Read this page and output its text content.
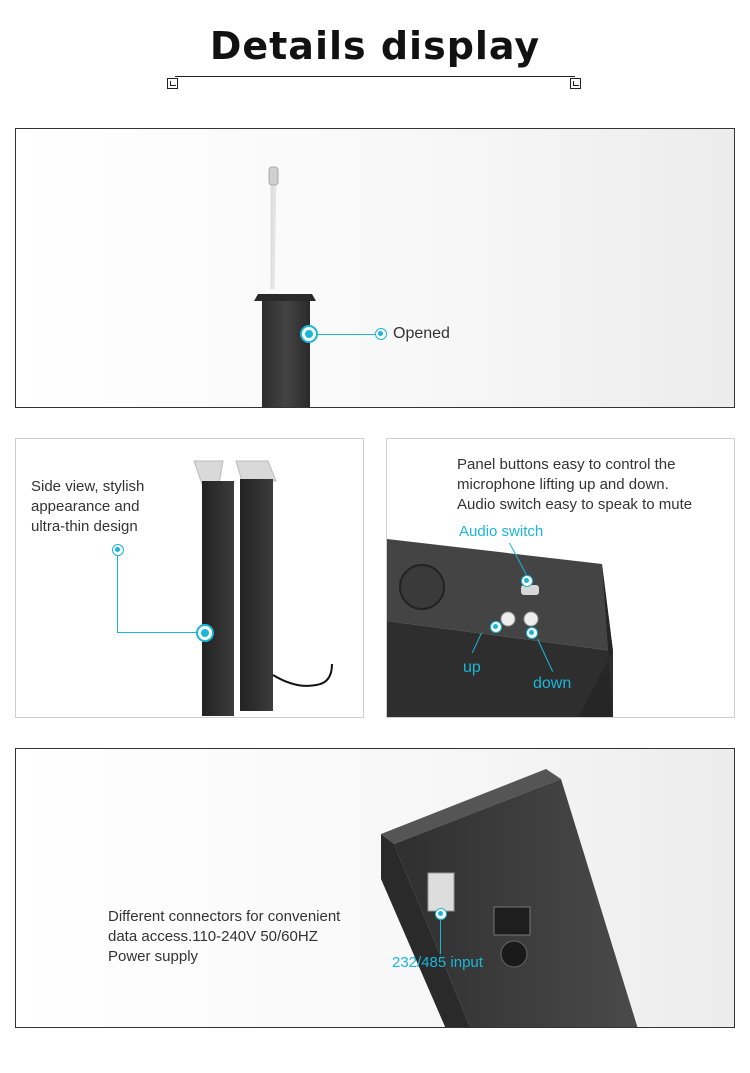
Details display
Opened
Side view, stylish
appearance and
ultra-thin design
Panel buttons easy to control the
microphone lifting up and down.
Audio switch easy to speak to mute
Audio switch
up
down
Different connectors for convenient
data access.110-240V 50/60HZ
Power supply	232/485 input
